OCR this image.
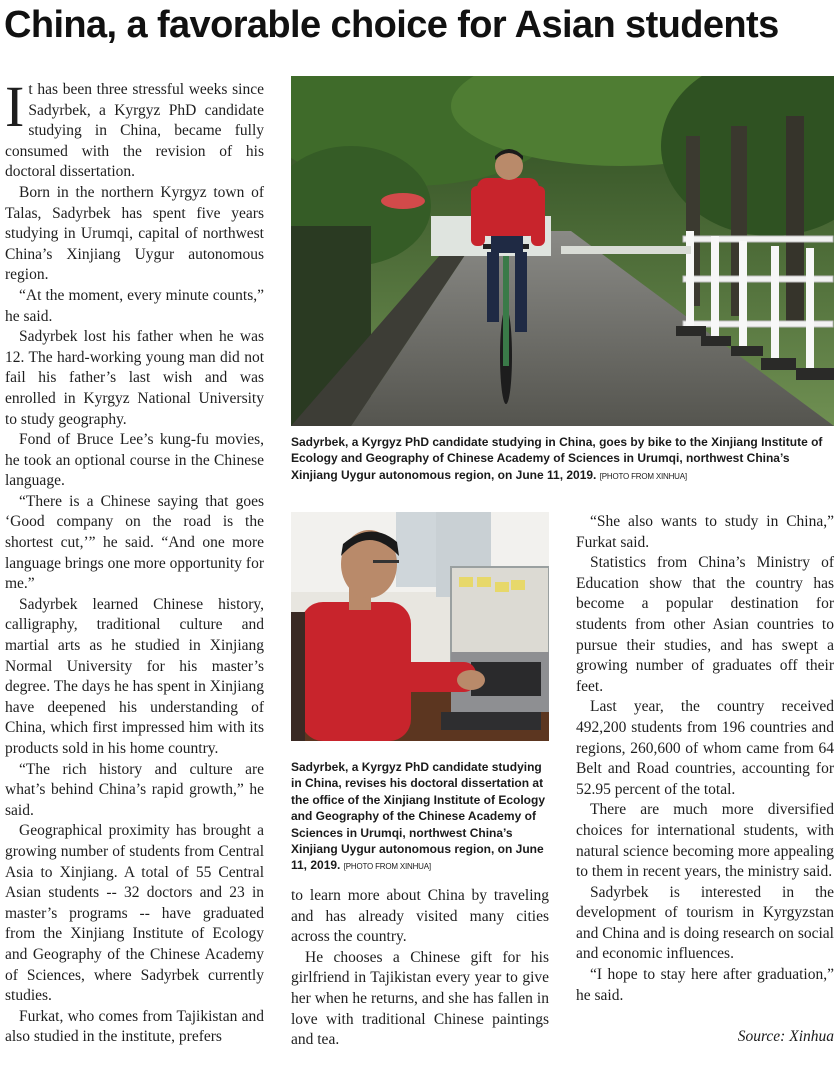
China, a favorable choice for Asian students

It has been three stressful weeks since Sadyrbek, a Kyrgyz PhD candidate studying in China, became fully consumed with the revision of his doctoral dissertation.

Born in the northern Kyrgyz town of Talas, Sadyrbek has spent five years studying in Urumqi, capital of northwest China’s Xinjiang Uygur autonomous region.

“At the moment, every minute counts,” he said.

Sadyrbek lost his father when he was 12. The hard-working young man did not fail his father’s last wish and was enrolled in Kyrgyz National University to study geography.

Fond of Bruce Lee’s kung-fu movies, he took an optional course in the Chinese language.

“There is a Chinese saying that goes ‘Good company on the road is the shortest cut,’” he said. “And one more language brings one more opportunity for me.”

Sadyrbek learned Chinese history, calligraphy, traditional culture and martial arts as he studied in Xinjiang Normal University for his master’s degree. The days he has spent in Xinjiang have deepened his understanding of China, which first impressed him with its products sold in his home country.

“The rich history and culture are what’s behind China’s rapid growth,” he said.

Geographical proximity has brought a growing number of students from Central Asia to Xinjiang. A total of 55 Central Asian students -- 32 doctors and 23 in master’s programs -- have graduated from the Xinjiang Institute of Ecology and Geography of the Chinese Academy of Sciences, where Sadyrbek currently studies.

Furkat, who comes from Tajikistan and also studied in the institute, prefers

Sadyrbek, a Kyrgyz PhD candidate studying in China, goes by bike to the Xinjiang Institute of Ecology and Geography of Chinese Academy of Sciences in Urumqi, northwest China’s Xinjiang Uygur autonomous region, on June 11, 2019. [PHOTO FROM XINHUA]
Sadyrbek, a Kyrgyz PhD candidate studying in China, revises his doctoral dissertation at the office of the Xinjiang Institute of Ecology and Geography of the Chinese Academy of Sciences in Urumqi, northwest China’s Xinjiang Uygur autonomous region, on June 11, 2019. [PHOTO FROM XINHUA]

to learn more about China by traveling and has already visited many cities across the country.

He chooses a Chinese gift for his girlfriend in Tajikistan every year to give her when he returns, and she has fallen in love with traditional Chinese paintings and tea.

“She also wants to study in China,” Furkat said.

Statistics from China’s Ministry of Education show that the country has become a popular destination for students from other Asian countries to pursue their studies, and has swept a growing number of graduates off their feet.

Last year, the country received 492,200 students from 196 countries and regions, 260,600 of whom came from 64 Belt and Road countries, accounting for 52.95 percent of the total.

There are much more diversified choices for international students, with natural science becoming more appealing to them in recent years, the ministry said.

Sadyrbek is interested in the development of tourism in Kyrgyzstan and China and is doing research on social and economic influences.

“I hope to stay here after graduation,” he said.

Source: Xinhua
